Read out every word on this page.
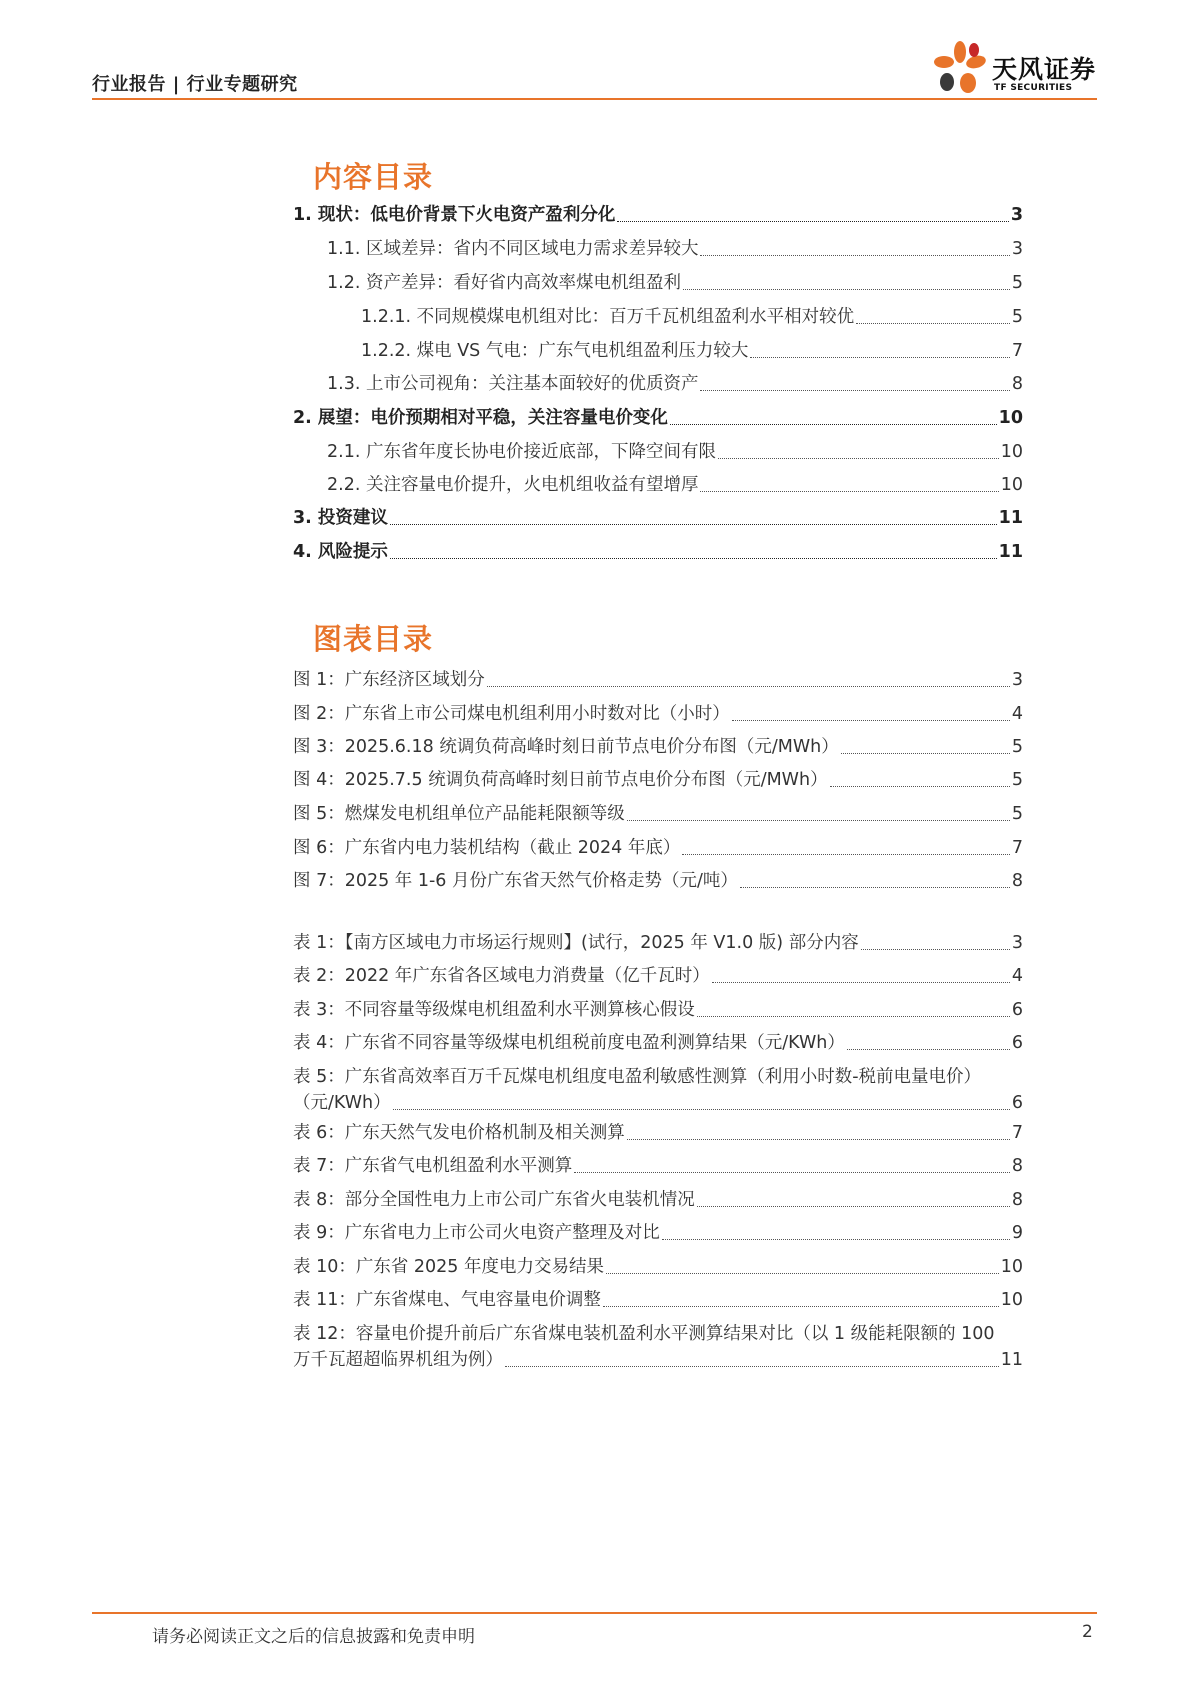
行业报告 | 行业专题研究
天风证券
TF SECURITIES
内容目录
1. 现状：低电价背景下火电资产盈利分化	3
1.1. 区域差异：省内不同区域电力需求差异较大	3
1.2. 资产差异：看好省内高效率煤电机组盈利	5
1.2.1. 不同规模煤电机组对比：百万千瓦机组盈利水平相对较优	5
1.2.2. 煤电 VS 气电：广东气电机组盈利压力较大	7
1.3. 上市公司视角：关注基本面较好的优质资产	8
2. 展望：电价预期相对平稳，关注容量电价变化	10
2.1. 广东省年度长协电价接近底部，下降空间有限	10
2.2. 关注容量电价提升，火电机组收益有望增厚	10
3. 投资建议	11
4. 风险提示	11
图表目录
图 1：广东经济区域划分	3
图 2：广东省上市公司煤电机组利用小时数对比（小时）	4
图 3：2025.6.18 统调负荷高峰时刻日前节点电价分布图（元/MWh）	5
图 4：2025.7.5 统调负荷高峰时刻日前节点电价分布图（元/MWh）	5
图 5：燃煤发电机组单位产品能耗限额等级	5
图 6：广东省内电力装机结构（截止 2024 年底）	7
图 7：2025 年 1-6 月份广东省天然气价格走势（元/吨）	8
表 1：【南方区域电力市场运行规则】(试行，2025 年 V1.0 版) 部分内容	3
表 2：2022 年广东省各区域电力消费量（亿千瓦时）	4
表 3：不同容量等级煤电机组盈利水平测算核心假设	6
表 4：广东省不同容量等级煤电机组税前度电盈利测算结果（元/KWh）	6
表 5：广东省高效率百万千瓦煤电机组度电盈利敏感性测算（利用小时数-税前电量电价）
（元/KWh）	6
表 6：广东天然气发电价格机制及相关测算	7
表 7：广东省气电机组盈利水平测算	8
表 8：部分全国性电力上市公司广东省火电装机情况	8
表 9：广东省电力上市公司火电资产整理及对比	9
表 10：广东省 2025 年度电力交易结果	10
表 11：广东省煤电、气电容量电价调整	10
表 12：容量电价提升前后广东省煤电装机盈利水平测算结果对比（以 1 级能耗限额的 100
万千瓦超超临界机组为例）	11
请务必阅读正文之后的信息披露和免责申明	2
